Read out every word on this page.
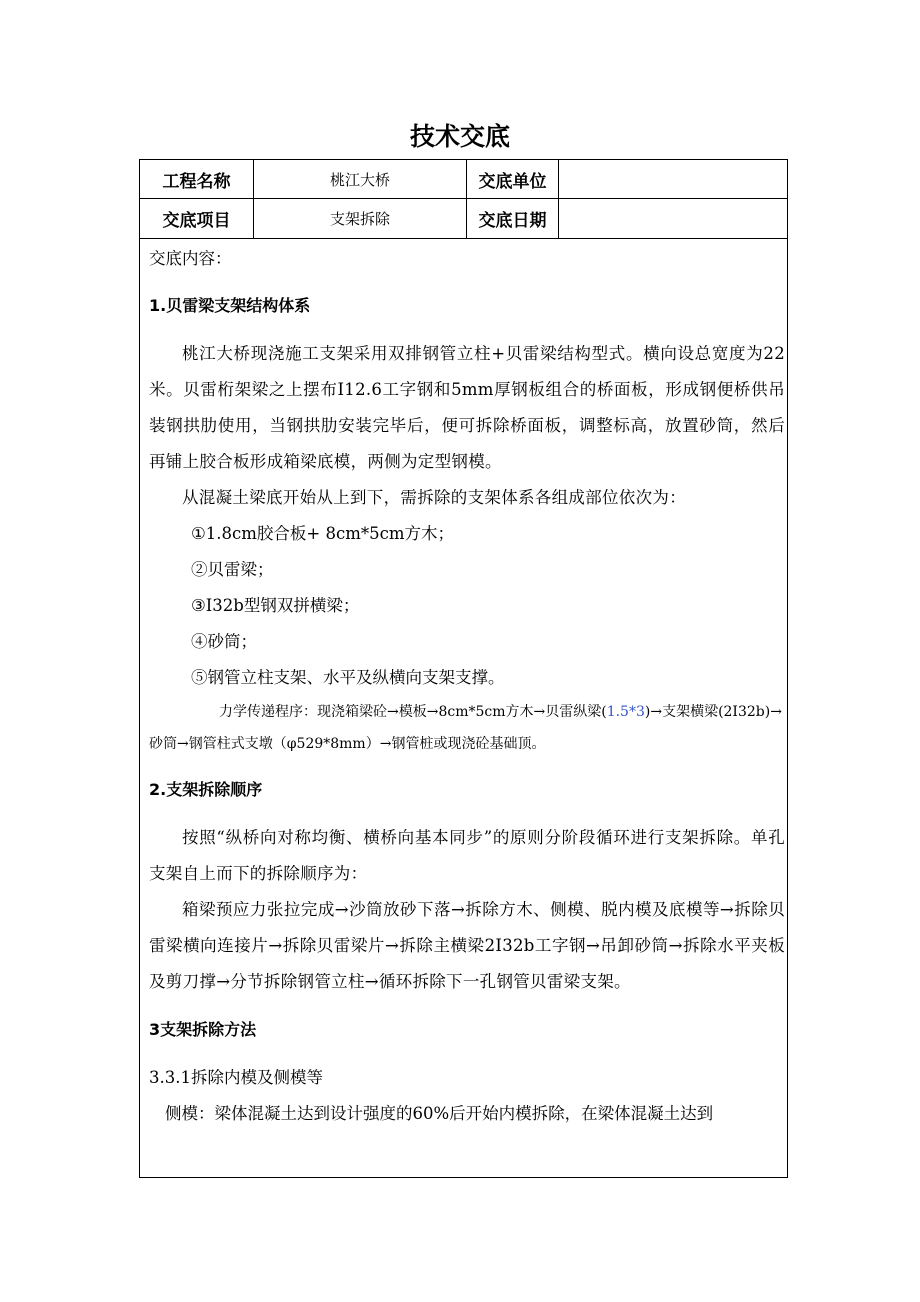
技术交底
工程名称	桃江大桥	交底单位
交底项目	支架拆除	交底日期

交底内容：

1.贝雷梁支架结构体系

桃江大桥现浇施工支架采用双排钢管立柱+贝雷梁结构型式。横向设总宽度为22米。贝雷桁架梁之上摆布I12.6工字钢和5mm厚钢板组合的桥面板，形成钢便桥供吊装钢拱肋使用，当钢拱肋安装完毕后，便可拆除桥面板，调整标高，放置砂筒，然后再铺上胶合板形成箱梁底模，两侧为定型钢模。

从混凝土梁底开始从上到下，需拆除的支架体系各组成部位依次为：

①1.8cm胶合板+ 8cm*5cm方木；

②贝雷梁；

③I32b型钢双拼横梁；

④砂筒；

⑤钢管立柱支架、水平及纵横向支架支撑。

力学传递程序：现浇箱梁砼→模板→8cm*5cm方木→贝雷纵梁(1.5*3)→支架横梁(2I32b)→砂筒→钢管柱式支墩（φ529*8mm）→钢管桩或现浇砼基础顶。

2.支架拆除顺序

按照“纵桥向对称均衡、横桥向基本同步”的原则分阶段循环进行支架拆除。单孔支架自上而下的拆除顺序为：

箱梁预应力张拉完成→沙筒放砂下落→拆除方木、侧模、脱内模及底模等→拆除贝雷梁横向连接片→拆除贝雷梁片→拆除主横梁2I32b工字钢→吊卸砂筒→拆除水平夹板及剪刀撑→分节拆除钢管立柱→循环拆除下一孔钢管贝雷梁支架。

3支架拆除方法

3.3.1拆除内模及侧模等

侧模：梁体混凝土达到设计强度的60%后开始内模拆除，在梁体混凝土达到
